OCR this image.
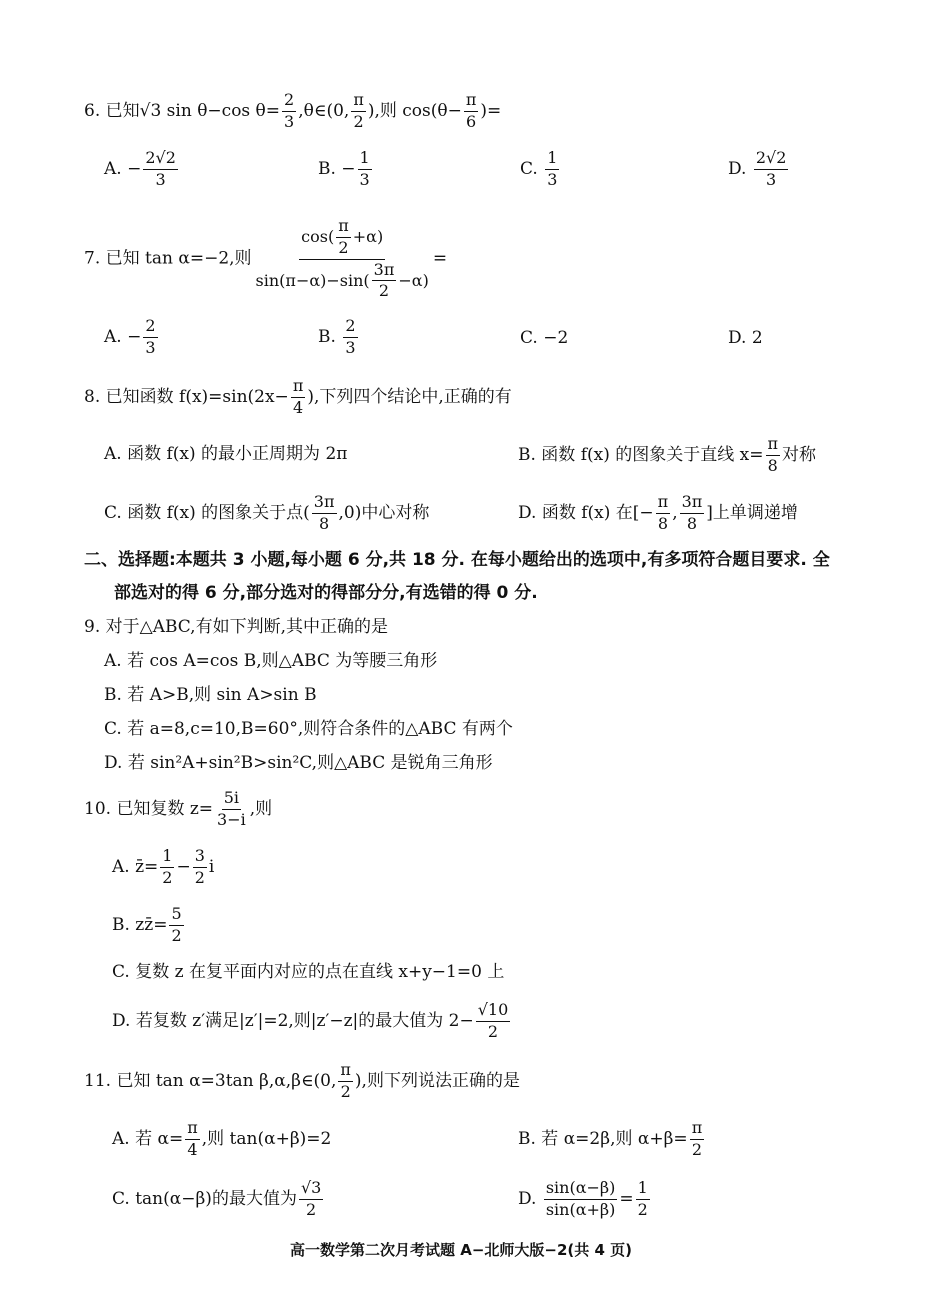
6. 已知√3 sin θ−cos $\theta= \frac{2}{3}$ ,θ∈(0, $\frac{\pi}{2}$ ),则 $\cos(\theta- \frac{\pi}{6}$ )=
A. − $\frac{2√2}{3}$	B. − $\frac{1}{3}$	C. $\frac{1}{3}$	D. $\frac{2√2}{3}$
7. 已知 tan α=−2,则 $\frac{\cos( \frac{\pi}{2} +\alpha)}{\sin(\pi-\alpha)-\sin( \frac{3\pi}{2} -\alpha)}$ =
A. − $\frac{2}{3}$	B. $\frac{2}{3}$	C. −2	D. 2
8. 已知函数 $f(x)=\sin(2x- \frac{\pi}{4}$ ),下列四个结论中,正确的有
A. 函数 f(x) 的最小正周期为 2π	B. 函数 f(x) 的图象关于直线 $x= \frac{\pi}{8}$ 对称
C. 函数 f(x) 的图象关于点( $\frac{3\pi}{8} ,0$)中心对称	D. 函数 f(x) 在[− $\frac{\pi}{8}$ , $\frac{3\pi}{8}$ ]上单调递增
二、选择题:本题共 3 小题,每小题 6 分,共 18 分. 在每小题给出的选项中,有多项符合题目要求. 全
部选对的得 6 分,部分选对的得部分分,有选错的得 0 分.
9. 对于△ABC,有如下判断,其中正确的是
A. 若 cos A=cos B,则△ABC 为等腰三角形
B. 若 A>B,则 sin A>sin B
C. 若 a=8,c=10,B=60°,则符合条件的△ABC 有两个
D. 若 sin²A+sin²B>sin²C,则△ABC 是锐角三角形
10. 已知复数 $z= \frac{5i}{3-i}$ ,则
A. z̄= $\frac{1}{2} - \frac{3}{2}$ i
B. zz̄= $\frac{5}{2}$
C. 复数 z 在复平面内对应的点在直线 x+y−1=0 上
D. 若复数 z′满足|z′|=2,则|z′−z|的最大值为 $2- \frac{√10}{2}$
11. 已知 tan α=3tan β,α,β∈(0, $\frac{\pi}{2}$ ),则下列说法正确的是
A. 若 $\alpha= \frac{\pi}{4}$ ,则 tan(α+β)=2	B. 若 α=2β,则 $\alpha+\beta= \frac{\pi}{2}$
C. tan(α−β)的最大值为 $\frac{√3}{2}$	D. $\frac{\sin(\alpha-\beta)}{\sin(\alpha+\beta)} = \frac{1}{2}$
高一数学第二次月考试题 A−北师大版−2(共 4 页)
